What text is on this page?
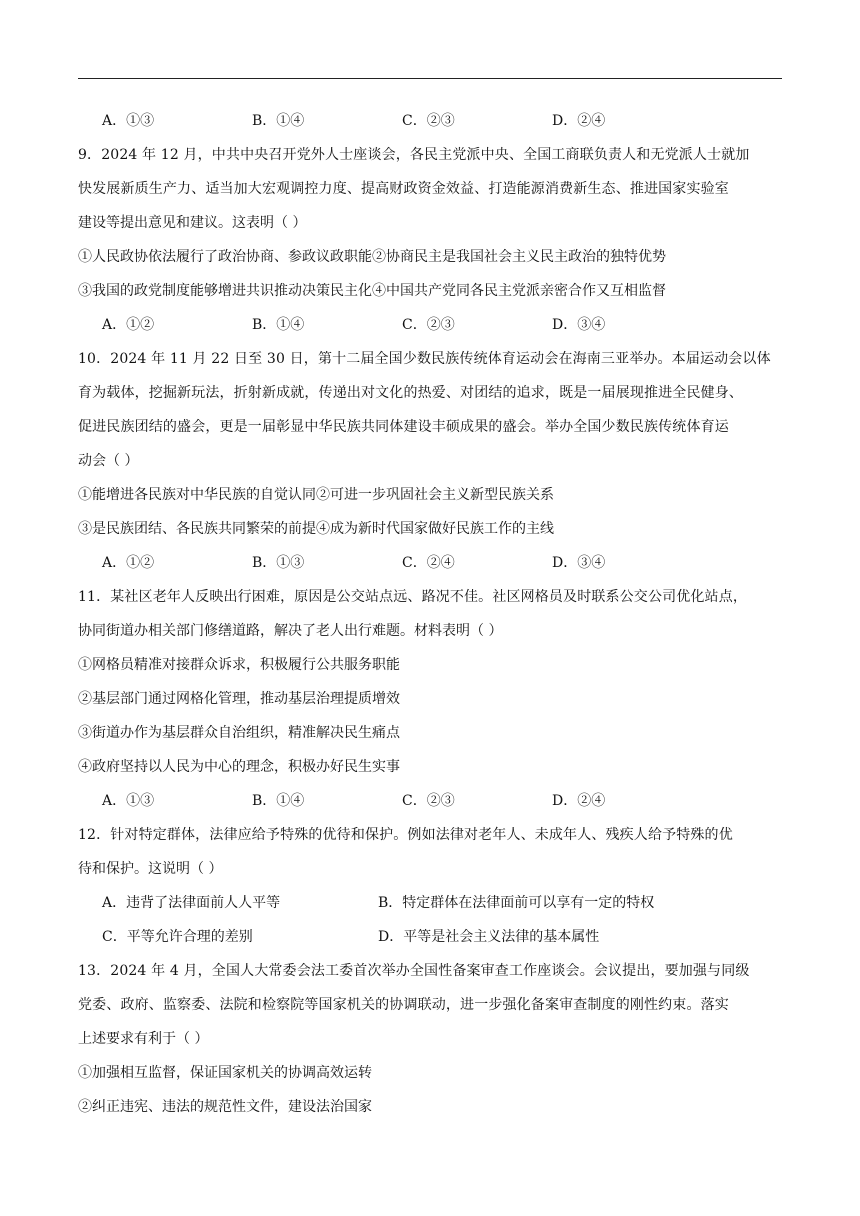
A．①③	B．①④	C．②③	D．②④
9．2024 年 12 月，中共中央召开党外人士座谈会，各民主党派中央、全国工商联负责人和无党派人士就加
快发展新质生产力、适当加大宏观调控力度、提高财政资金效益、打造能源消费新生态、推进国家实验室
建设等提出意见和建议。这表明（ ）
①人民政协依法履行了政治协商、参政议政职能②协商民主是我国社会主义民主政治的独特优势
③我国的政党制度能够增进共识推动决策民主化④中国共产党同各民主党派亲密合作又互相监督
A．①②	B．①④	C．②③	D．③④
10．2024 年 11 月 22 日至 30 日，第十二届全国少数民族传统体育运动会在海南三亚举办。本届运动会以体
育为载体，挖掘新玩法，折射新成就，传递出对文化的热爱、对团结的追求，既是一届展现推进全民健身、
促进民族团结的盛会，更是一届彰显中华民族共同体建设丰硕成果的盛会。举办全国少数民族传统体育运
动会（ ）
①能增进各民族对中华民族的自觉认同②可进一步巩固社会主义新型民族关系
③是民族团结、各民族共同繁荣的前提④成为新时代国家做好民族工作的主线
A．①②	B．①③	C．②④	D．③④
11．某社区老年人反映出行困难，原因是公交站点远、路况不佳。社区网格员及时联系公交公司优化站点，
协同街道办相关部门修缮道路，解决了老人出行难题。材料表明（ ）
①网格员精准对接群众诉求，积极履行公共服务职能
②基层部门通过网格化管理，推动基层治理提质增效
③街道办作为基层群众自治组织，精准解决民生痛点
④政府坚持以人民为中心的理念，积极办好民生实事
A．①③	B．①④	C．②③	D．②④
12．针对特定群体，法律应给予特殊的优待和保护。例如法律对老年人、未成年人、残疾人给予特殊的优
待和保护。这说明（ ）
A．违背了法律面前人人平等	B．特定群体在法律面前可以享有一定的特权
C．平等允许合理的差别	D．平等是社会主义法律的基本属性
13．2024 年 4 月，全国人大常委会法工委首次举办全国性备案审查工作座谈会。会议提出，要加强与同级
党委、政府、监察委、法院和检察院等国家机关的协调联动，进一步强化备案审查制度的刚性约束。落实
上述要求有利于（ ）
①加强相互监督，保证国家机关的协调高效运转
②纠正违宪、违法的规范性文件，建设法治国家
